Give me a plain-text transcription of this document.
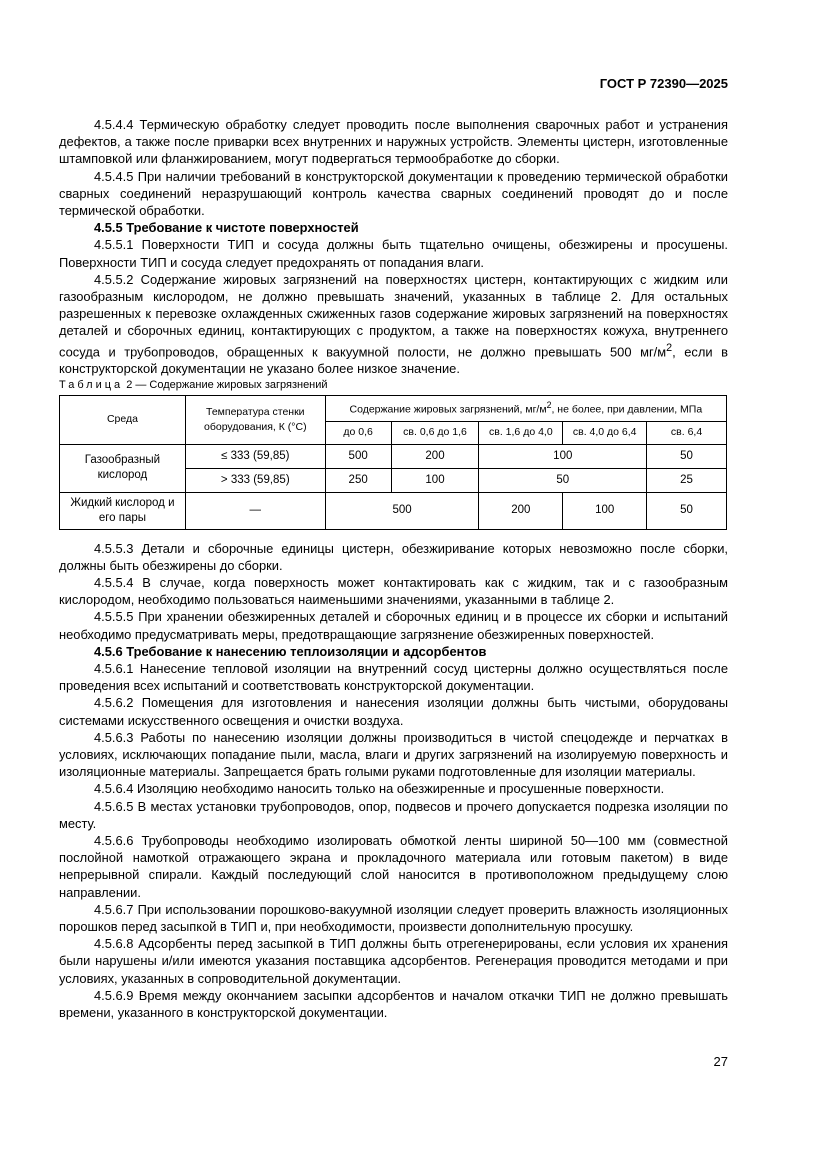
ГОСТ Р 72390—2025

4.5.4.4 Термическую обработку следует проводить после выполнения сварочных работ и устранения дефектов, а также после приварки всех внутренних и наружных устройств. Элементы цистерн, изготовленные штамповкой или фланжированием, могут подвергаться термообработке до сборки.

4.5.4.5 При наличии требований в конструкторской документации к проведению термической обработки сварных соединений неразрушающий контроль качества сварных соединений проводят до и после термической обработки.

4.5.5 Требование к чистоте поверхностей

4.5.5.1 Поверхности ТИП и сосуда должны быть тщательно очищены, обезжирены и просушены. Поверхности ТИП и сосуда следует предохранять от попадания влаги.

4.5.5.2 Содержание жировых загрязнений на поверхностях цистерн, контактирующих с жидким или газообразным кислородом, не должно превышать значений, указанных в таблице 2. Для остальных разрешенных к перевозке охлажденных сжиженных газов содержание жировых загрязнений на поверхностях деталей и сборочных единиц, контактирующих с продуктом, а также на поверхностях кожуха, внутреннего сосуда и трубопроводов, обращенных к вакуумной полости, не должно превышать 500 $мг/м^2$, если в конструкторской документации не указано более низкое значение.

Таблица 2 — Содержание жировых загрязнений

Среда	Температура стенки оборудования, К (°C)	Содержание жировых загрязнений, $мг/м^2$, не более, при давлении, МПа				
		до 0,6	св. 0,6 до 1,6	св. 1,6 до 4,0	св. 4,0 до 6,4	св. 6,4
Газообразный кислород	≤ 333 (59,85)	500	200	100		50
	> 333 (59,85)	250	100	50		25
Жидкий кислород и его пары	—	500		200	100	50

4.5.5.3 Детали и сборочные единицы цистерн, обезжиривание которых невозможно после сборки, должны быть обезжирены до сборки.

4.5.5.4 В случае, когда поверхность может контактировать как с жидким, так и с газообразным кислородом, необходимо пользоваться наименьшими значениями, указанными в таблице 2.

4.5.5.5 При хранении обезжиренных деталей и сборочных единиц и в процессе их сборки и испытаний необходимо предусматривать меры, предотвращающие загрязнение обезжиренных поверхностей.

4.5.6 Требование к нанесению теплоизоляции и адсорбентов

4.5.6.1 Нанесение тепловой изоляции на внутренний сосуд цистерны должно осуществляться после проведения всех испытаний и соответствовать конструкторской документации.

4.5.6.2 Помещения для изготовления и нанесения изоляции должны быть чистыми, оборудованы системами искусственного освещения и очистки воздуха.

4.5.6.3 Работы по нанесению изоляции должны производиться в чистой спецодежде и перчатках в условиях, исключающих попадание пыли, масла, влаги и других загрязнений на изолируемую поверхность и изоляционные материалы. Запрещается брать голыми руками подготовленные для изоляции материалы.

4.5.6.4 Изоляцию необходимо наносить только на обезжиренные и просушенные поверхности.

4.5.6.5 В местах установки трубопроводов, опор, подвесов и прочего допускается подрезка изоляции по месту.

4.5.6.6 Трубопроводы необходимо изолировать обмоткой ленты шириной 50—100 мм (совместной послойной намоткой отражающего экрана и прокладочного материала или готовым пакетом) в виде непрерывной спирали. Каждый последующий слой наносится в противоположном предыдущему слою направлении.

4.5.6.7 При использовании порошково-вакуумной изоляции следует проверить влажность изоляционных порошков перед засыпкой в ТИП и, при необходимости, произвести дополнительную просушку.

4.5.6.8 Адсорбенты перед засыпкой в ТИП должны быть отрегенерированы, если условия их хранения были нарушены и/или имеются указания поставщика адсорбентов. Регенерация проводится методами и при условиях, указанных в сопроводительной документации.

4.5.6.9 Время между окончанием засыпки адсорбентов и началом откачки ТИП не должно превышать времени, указанного в конструкторской документации.

27
